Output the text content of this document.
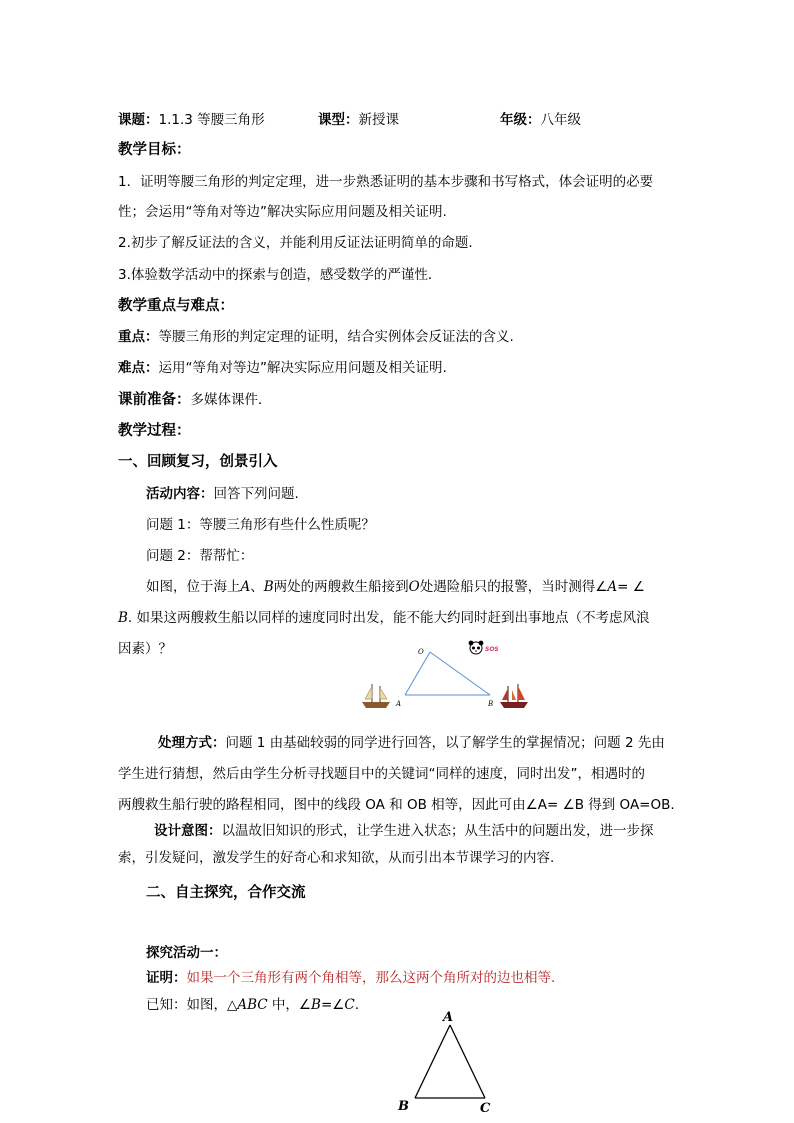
课题：1.1.3 等腰三角形	课型：新授课	年级：八年级
教学目标：
1．证明等腰三角形的判定定理，进一步熟悉证明的基本步骤和书写格式，体会证明的必要
性；会运用“等角对等边”解决实际应用问题及相关证明.
2.初步了解反证法的含义，并能利用反证法证明简单的命题.
3.体验数学活动中的探索与创造，感受数学的严谨性．
教学重点与难点：
重点：等腰三角形的判定定理的证明，结合实例体会反证法的含义.
难点：运用“等角对等边”解决实际应用问题及相关证明.
课前准备：多媒体课件．
教学过程：
一、回顾复习，创景引入
活动内容：回答下列问题.
问题 1：等腰三角形有些什么性质呢？
问题 2：帮帮忙：
如图，位于海上A、B两处的两艘救生船接到O处遇险船只的报警，当时测得∠A= ∠
B. 如果这两艘救生船以同样的速度同时出发，能不能大约同时赶到出事地点（不考虑风浪
因素）？	O
A	B
SOS
处理方式：问题 1 由基础较弱的同学进行回答，以了解学生的掌握情况；问题 2 先由
学生进行猜想，然后由学生分析寻找题目中的关键词“同样的速度，同时出发”，相遇时的
两艘救生船行驶的路程相同，图中的线段 OA 和 OB 相等，因此可由∠A= ∠B 得到 OA=OB.
设计意图：以温故旧知识的形式，让学生进入状态；从生活中的问题出发，进一步探
索，引发疑问，激发学生的好奇心和求知欲，从而引出本节课学习的内容.
二、自主探究，合作交流
探究活动一：
证明：如果一个三角形有两个角相等，那么这两个角所对的边也相等.
已知：如图，△ABC 中，∠B=∠C.
A
B	C
